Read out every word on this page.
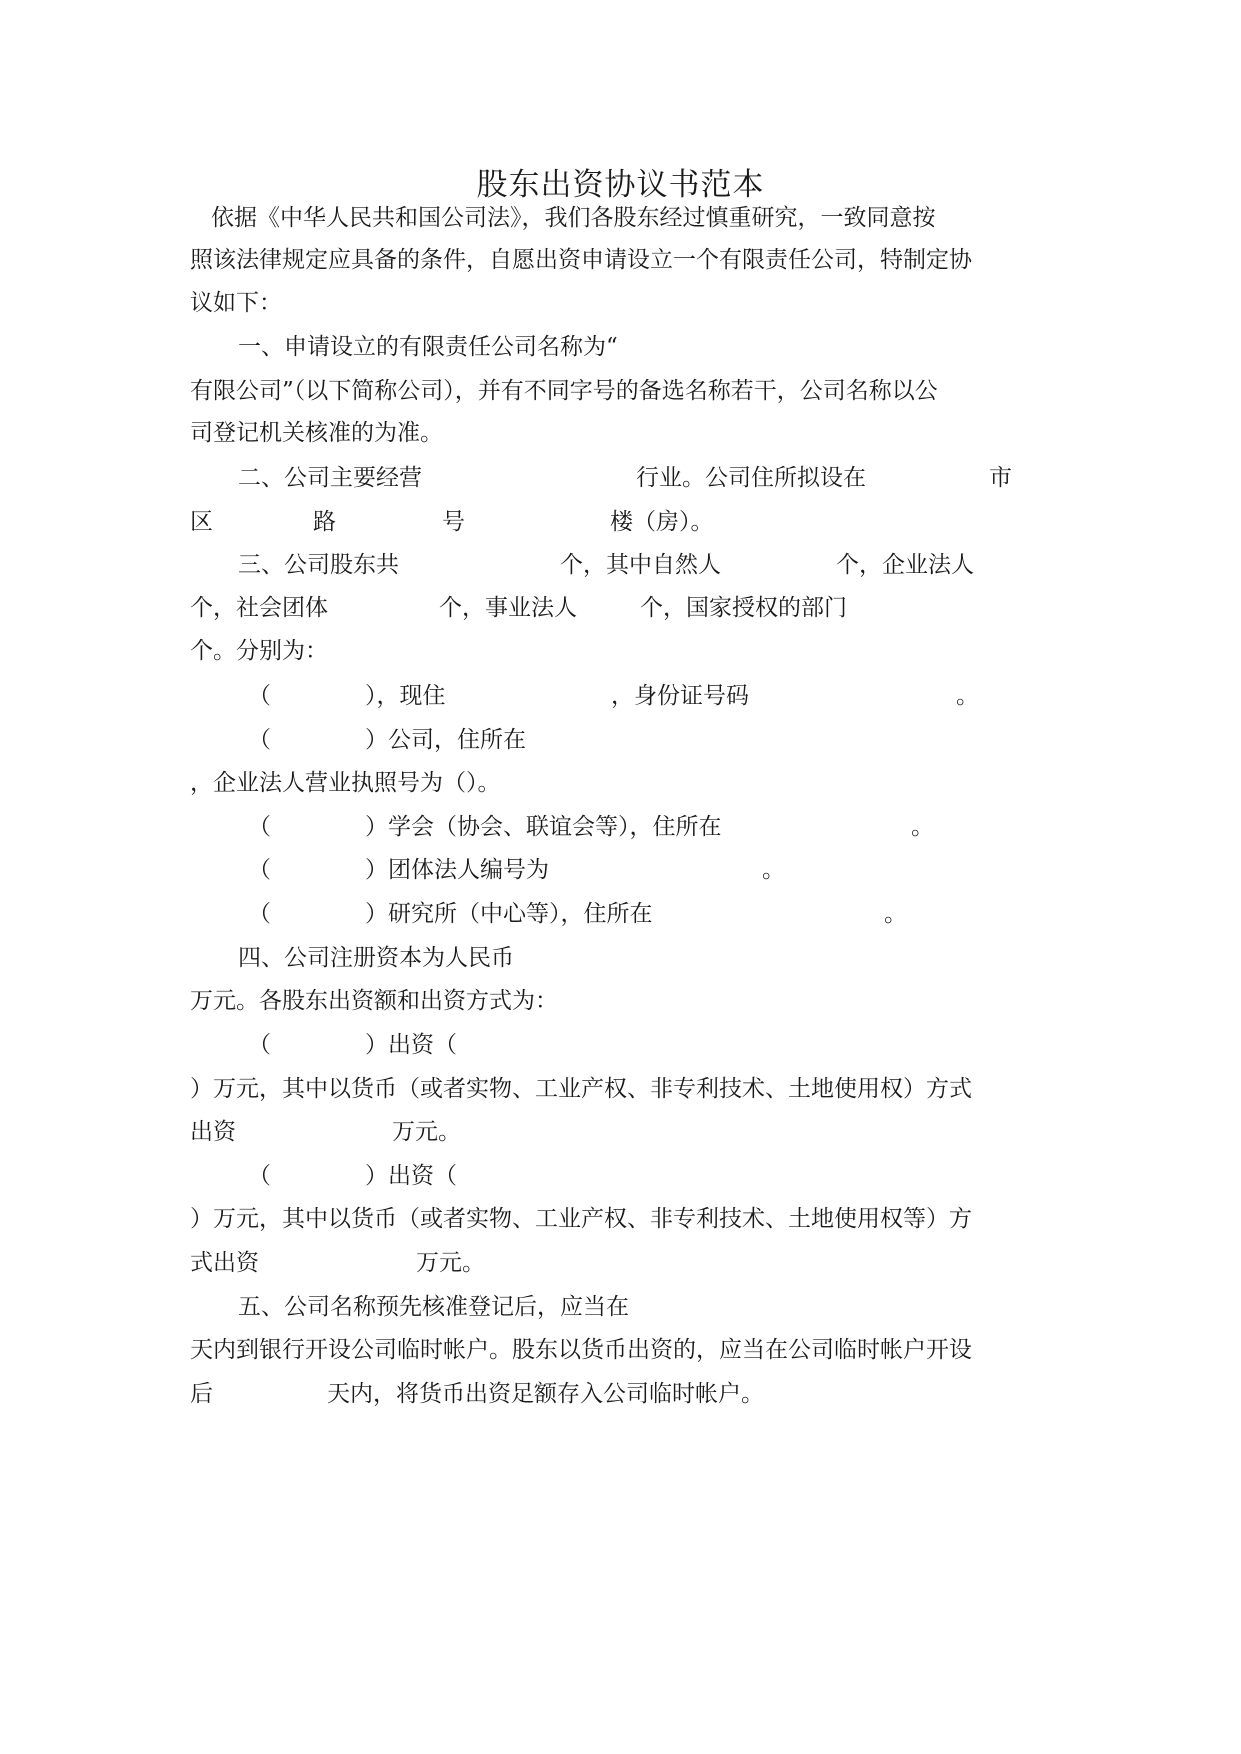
股东出资协议书范本
依据《中华人民共和国公司法》，我们各股东经过慎重研究，一致同意按
照该法律规定应具备的条件，自愿出资申请设立一个有限责任公司，特制定协
议如下：
一、申请设立的有限责任公司名称为“
有限公司”（以下简称公司），并有不同字号的备选名称若干，公司名称以公
司登记机关核准的为准。
二、公司主要经营	行业。公司住所拟设在	市
区	路	号	楼（房）。
三、公司股东共	个，其中自然人	个，企业法人
个，社会团体	个，事业法人	个，国家授权的部门
个。分别为：
（	），现住	，身份证号码	。
（	）公司，住所在
，企业法人营业执照号为（）。
（	）学会（协会、联谊会等），住所在	。
（	）团体法人编号为	。
（	）研究所（中心等），住所在	。
四、公司注册资本为人民币
万元。各股东出资额和出资方式为：
（	）出资（
）万元，其中以货币（或者实物、工业产权、非专利技术、土地使用权）方式
出资	万元。
（	）出资（
）万元，其中以货币（或者实物、工业产权、非专利技术、土地使用权等）方
式出资	万元。
五、公司名称预先核准登记后，应当在
天内到银行开设公司临时帐户。股东以货币出资的，应当在公司临时帐户开设
后	天内，将货币出资足额存入公司临时帐户。
